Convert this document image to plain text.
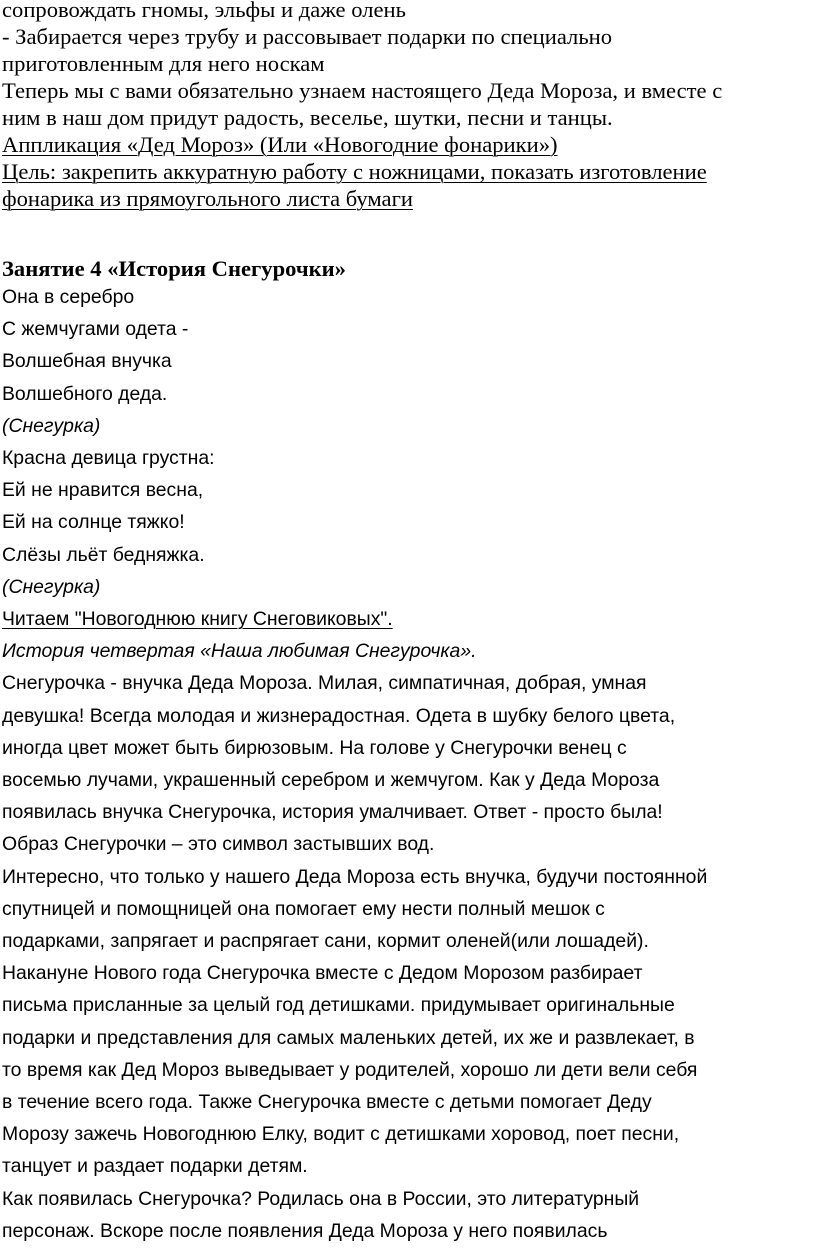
сопровождать гномы, эльфы и даже олень
- Забирается через трубу и рассовывает подарки по специально
приготовленным для него носкам
Теперь мы с вами обязательно узнаем настоящего Деда Мороза, и вместе с
ним в наш дом придут радость, веселье, шутки, песни и танцы.
Аппликация «Дед Мороз» (Или «Новогодние фонарики»)
Цель: закрепить аккуратную работу с ножницами, показать изготовление
фонарика из прямоугольного листа бумаги
Занятие 4 «История Снегурочки»
Она в серебро
С жемчугами одета -
Волшебная внучка
Волшебного деда.
(Снегурка)
Красна девица грустна:
Ей не нравится весна,
Ей на солнце тяжко!
Слёзы льёт бедняжка.
(Снегурка)
Читаем "Новогоднюю книгу Снеговиковых".
История четвертая «Наша любимая Снегурочка».
Снегурочка - внучка Деда Мороза. Милая, симпатичная, добрая, умная
девушка! Всегда молодая и жизнерадостная. Одета в шубку белого цвета,
иногда цвет может быть бирюзовым. На голове у Снегурочки венец с
восемью лучами, украшенный серебром и жемчугом. Как у Деда Мороза
появилась внучка Снегурочка, история умалчивает. Ответ - просто была!
Образ Снегурочки – это символ застывших вод.
Интересно, что только у нашего Деда Мороза есть внучка, будучи постоянной
спутницей и помощницей она помогает ему нести полный мешок с
подарками, запрягает и распрягает сани, кормит оленей(или лошадей).
Накануне Нового года Снегурочка вместе с Дедом Морозом разбирает
письма присланные за целый год детишками. придумывает оригинальные
подарки и представления для самых маленьких детей, их же и развлекает, в
то время как Дед Мороз выведывает у родителей, хорошо ли дети вели себя
в течение всего года. Также Снегурочка вместе с детьми помогает Деду
Морозу зажечь Новогоднюю Елку, водит с детишками хоровод, поет песни,
танцует и раздает подарки детям.
Как появилась Снегурочка? Родилась она в России, это литературный
персонаж. Вскоре после появления Деда Мороза у него появилась
